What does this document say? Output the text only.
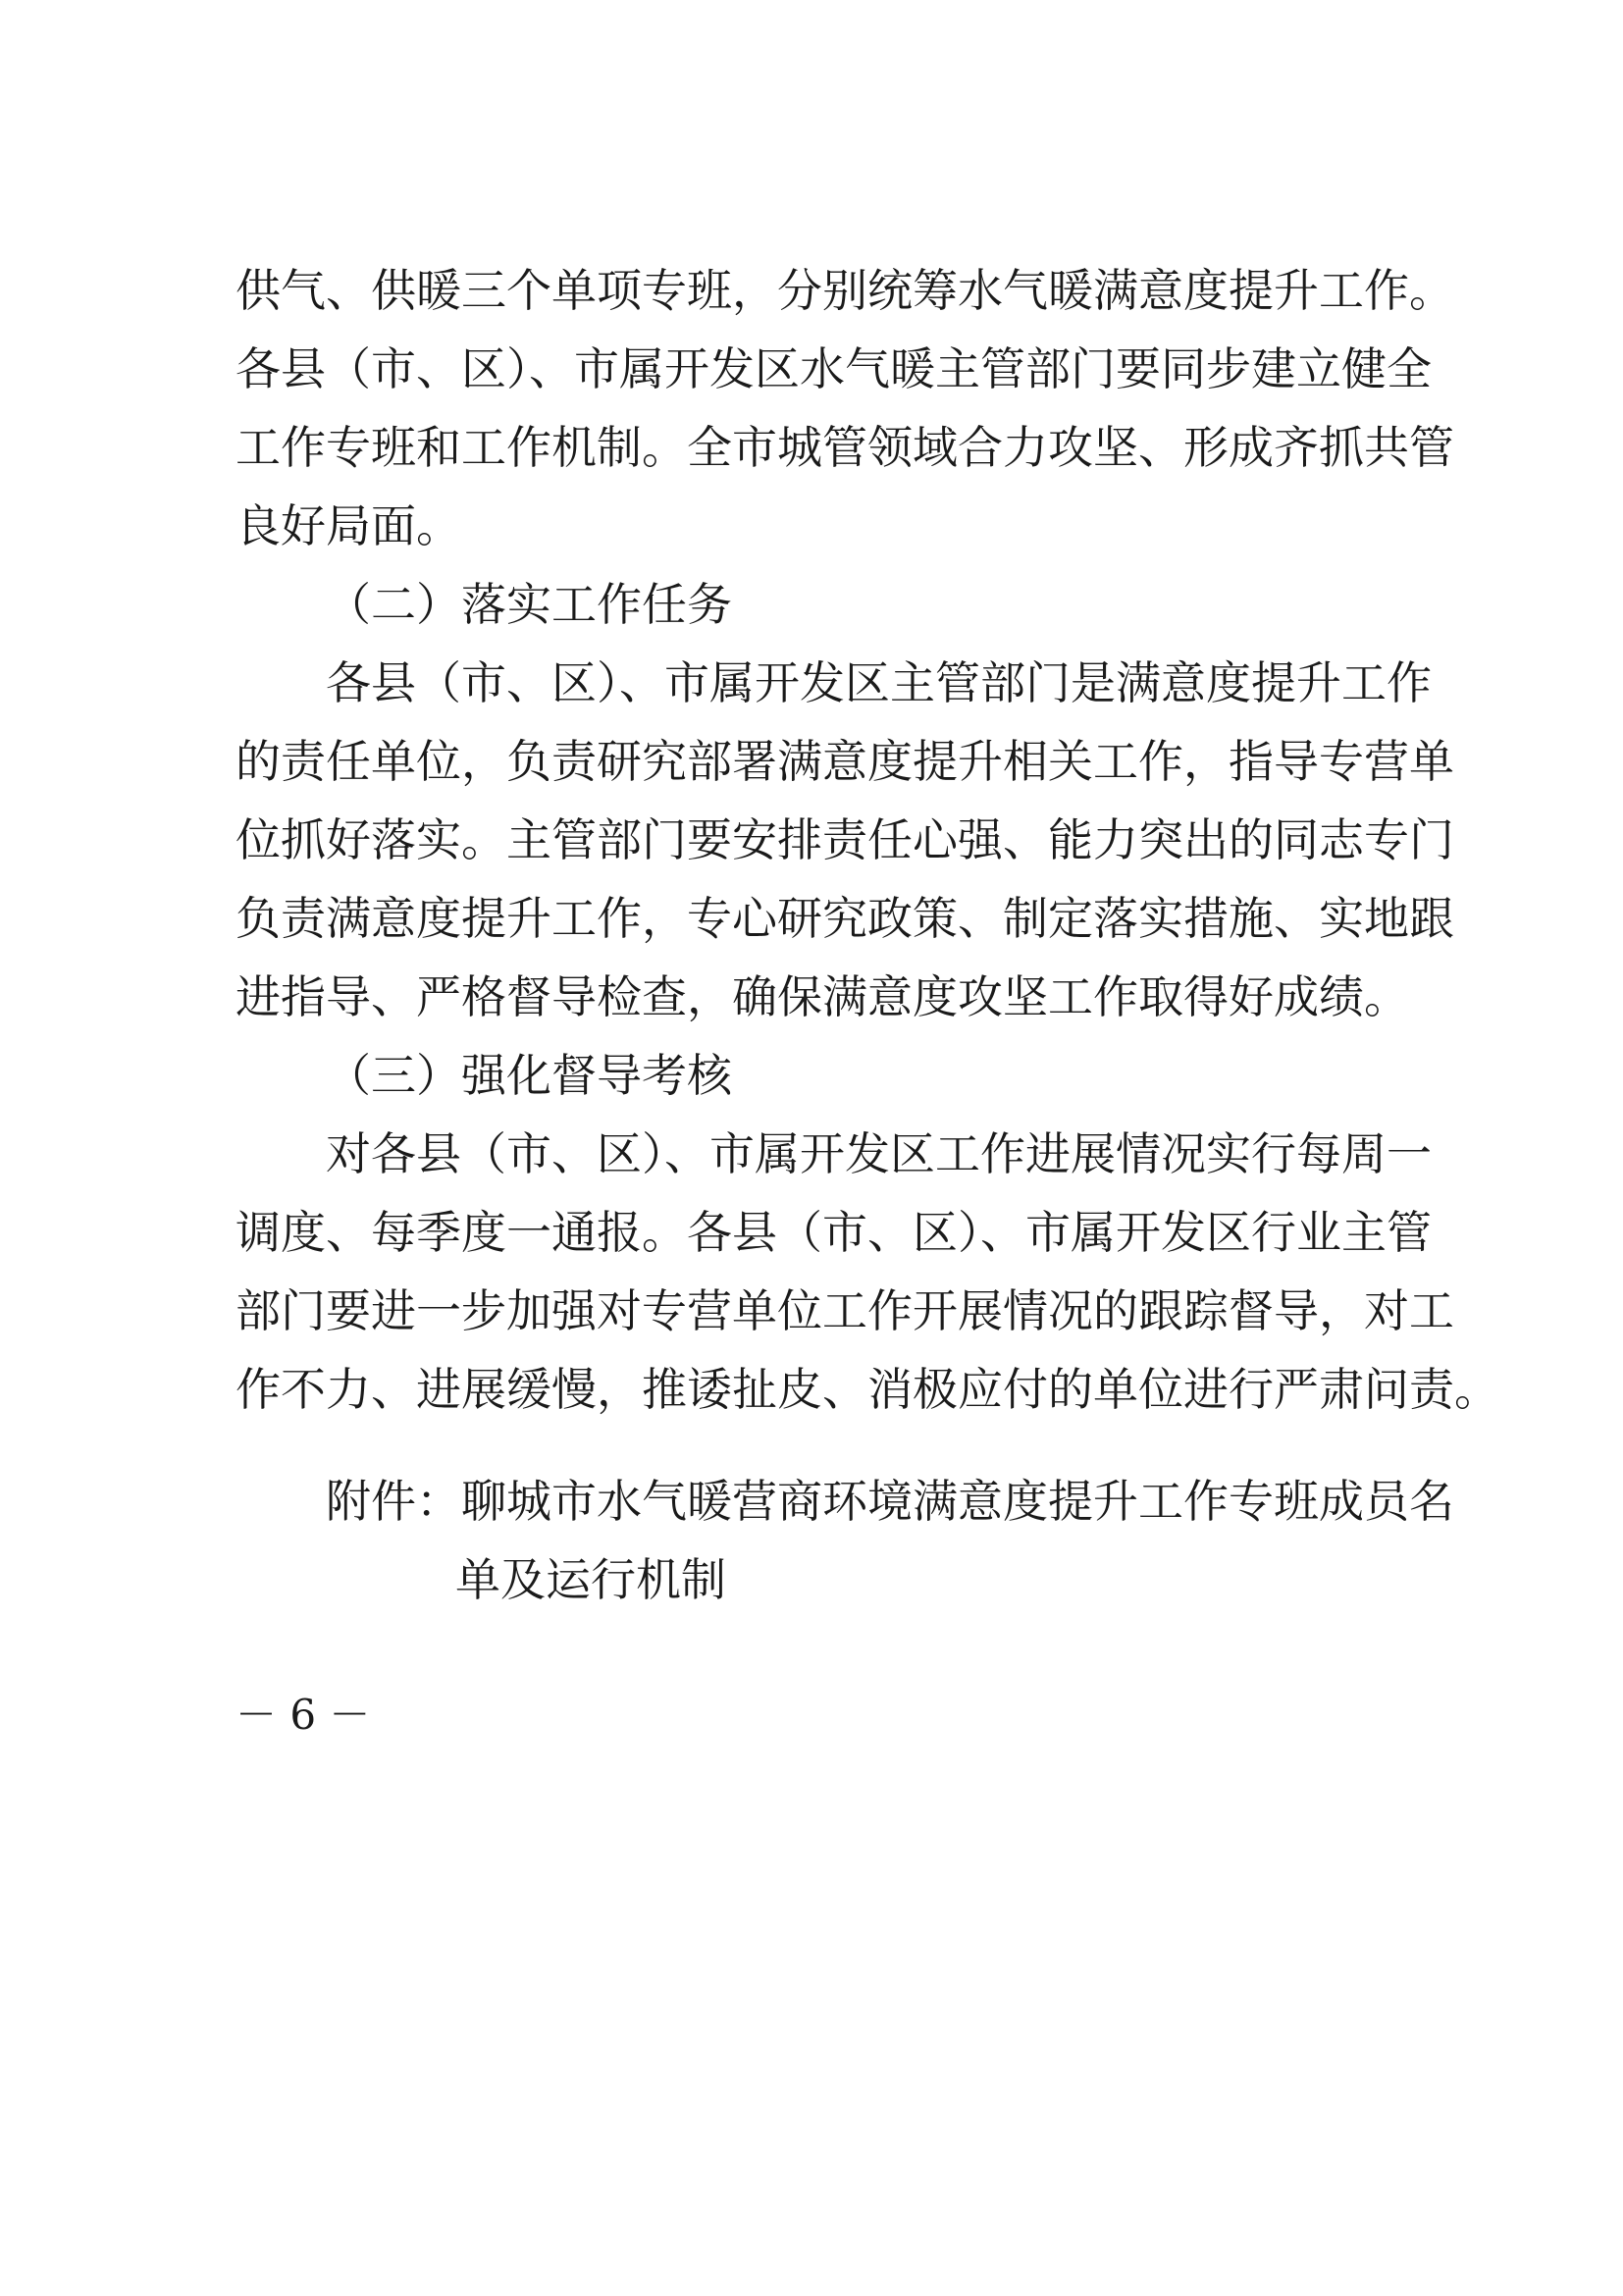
供气、供暖三个单项专班，分别统筹水气暖满意度提升工作。
各县（市、区）、市属开发区水气暖主管部门要同步建立健全
工作专班和工作机制。全市城管领域合力攻坚、形成齐抓共管
良好局面。
（二）落实工作任务
各县（市、区）、市属开发区主管部门是满意度提升工作
的责任单位，负责研究部署满意度提升相关工作，指导专营单
位抓好落实。主管部门要安排责任心强、能力突出的同志专门
负责满意度提升工作，专心研究政策、制定落实措施、实地跟
进指导、严格督导检查，确保满意度攻坚工作取得好成绩。
（三）强化督导考核
对各县（市、区）、市属开发区工作进展情况实行每周一
调度、每季度一通报。各县（市、区）、市属开发区行业主管
部门要进一步加强对专营单位工作开展情况的跟踪督导，对工
作不力、进展缓慢，推诿扯皮、消极应付的单位进行严肃问责。
附件：聊城市水气暖营商环境满意度提升工作专班成员名
单及运行机制
－ 6 －
